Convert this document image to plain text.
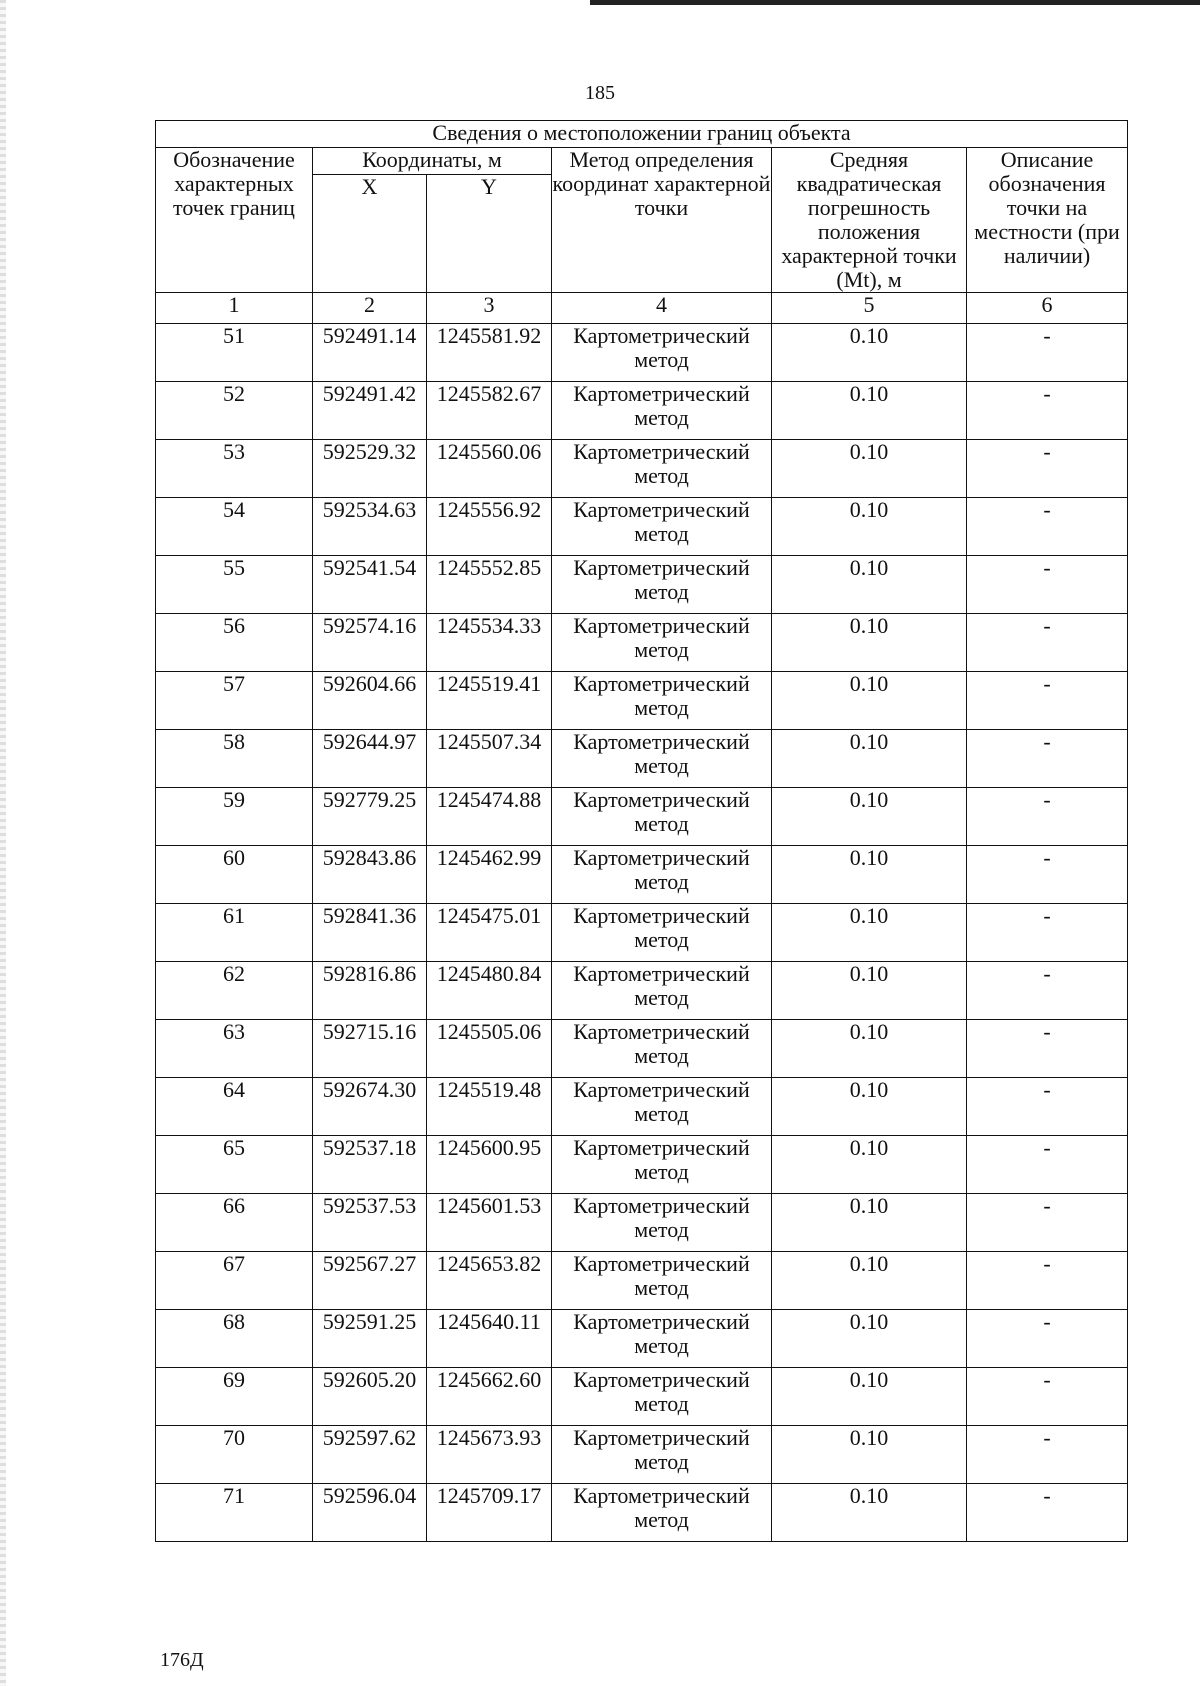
185
Сведения о местоположении границ объекта					
Обозначение характерных точек границ	Координаты, м		Метод определения координат характерной точки	Средняя квадратическая погрешность положения характерной точки (Mt), м	Описание обозначения точки на местности (при наличии)
	X	Y			
1	2	3	4	5	6
51	592491.14	1245581.92	Картометрический метод	0.10	-
52	592491.42	1245582.67	Картометрический метод	0.10	-
53	592529.32	1245560.06	Картометрический метод	0.10	-
54	592534.63	1245556.92	Картометрический метод	0.10	-
55	592541.54	1245552.85	Картометрический метод	0.10	-
56	592574.16	1245534.33	Картометрический метод	0.10	-
57	592604.66	1245519.41	Картометрический метод	0.10	-
58	592644.97	1245507.34	Картометрический метод	0.10	-
59	592779.25	1245474.88	Картометрический метод	0.10	-
60	592843.86	1245462.99	Картометрический метод	0.10	-
61	592841.36	1245475.01	Картометрический метод	0.10	-
62	592816.86	1245480.84	Картометрический метод	0.10	-
63	592715.16	1245505.06	Картометрический метод	0.10	-
64	592674.30	1245519.48	Картометрический метод	0.10	-
65	592537.18	1245600.95	Картометрический метод	0.10	-
66	592537.53	1245601.53	Картометрический метод	0.10	-
67	592567.27	1245653.82	Картометрический метод	0.10	-
68	592591.25	1245640.11	Картометрический метод	0.10	-
69	592605.20	1245662.60	Картометрический метод	0.10	-
70	592597.62	1245673.93	Картометрический метод	0.10	-
71	592596.04	1245709.17	Картометрический метод	0.10	-
176Д
